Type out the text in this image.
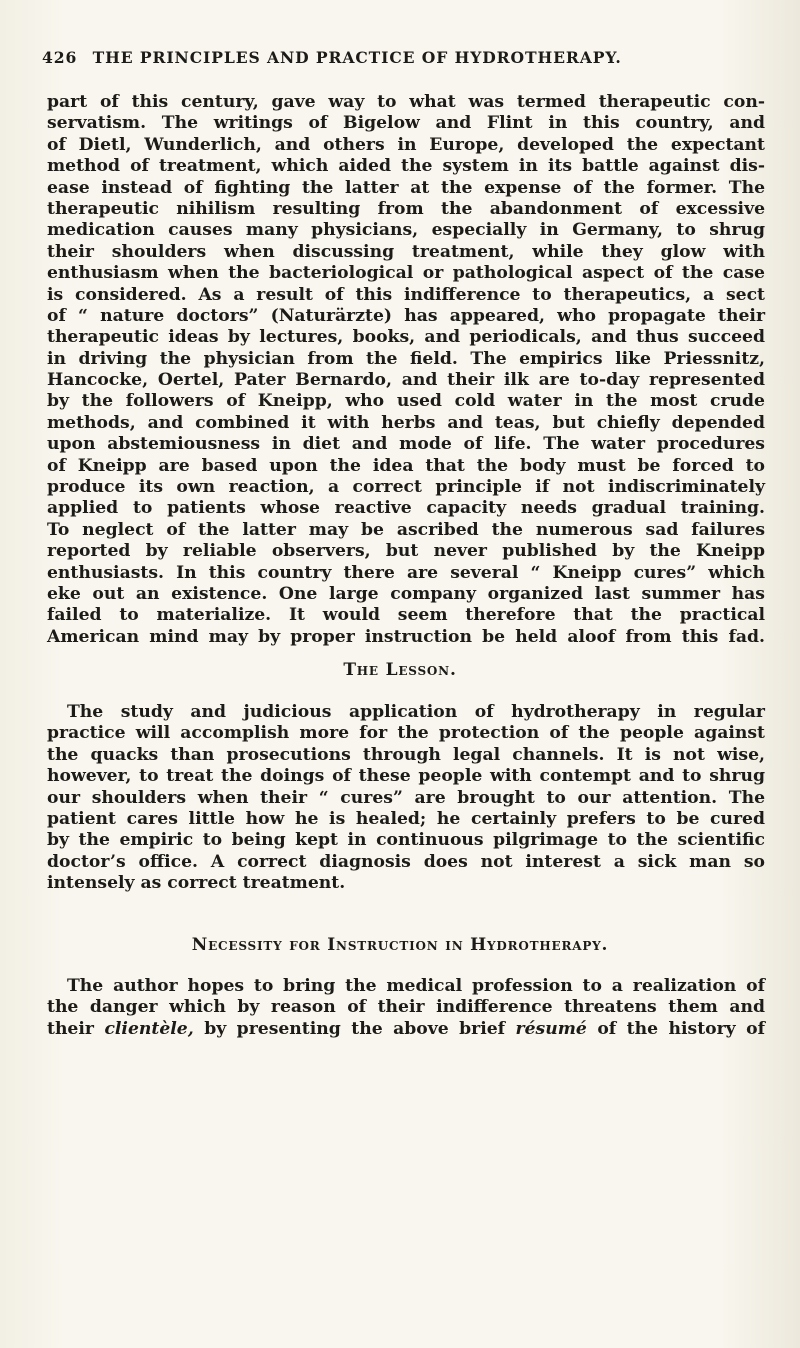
426 THE PRINCIPLES AND PRACTICE OF HYDROTHERAPY.
part of this century, gave way to what was termed therapeutic con-
servatism. The writings of Bigelow and Flint in this country, and
of Dietl, Wunderlich, and others in Europe, developed the expectant
method of treatment, which aided the system in its battle against dis-
ease instead of fighting the latter at the expense of the former. The
therapeutic nihilism resulting from the abandonment of excessive
medication causes many physicians, especially in Germany, to shrug
their shoulders when discussing treatment, while they glow with
enthusiasm when the bacteriological or pathological aspect of the case
is considered. As a result of this indifference to therapeutics, a sect
of “ nature doctors” (Naturärzte) has appeared, who propagate their
therapeutic ideas by lectures, books, and periodicals, and thus succeed
in driving the physician from the field. The empirics like Priessnitz,
Hancocke, Oertel, Pater Bernardo, and their ilk are to-day represented
by the followers of Kneipp, who used cold water in the most crude
methods, and combined it with herbs and teas, but chiefly depended
upon abstemiousness in diet and mode of life. The water procedures
of Kneipp are based upon the idea that the body must be forced to
produce its own reaction, a correct principle if not indiscriminately
applied to patients whose reactive capacity needs gradual training.
To neglect of the latter may be ascribed the numerous sad failures
reported by reliable observers, but never published by the Kneipp
enthusiasts. In this country there are several “ Kneipp cures” which
eke out an existence. One large company organized last summer has
failed to materialize. It would seem therefore that the practical
American mind may by proper instruction be held aloof from this fad.
The Lesson.
The study and judicious application of hydrotherapy in regular
practice will accomplish more for the protection of the people against
the quacks than prosecutions through legal channels. It is not wise,
however, to treat the doings of these people with contempt and to shrug
our shoulders when their “ cures” are brought to our attention. The
patient cares little how he is healed; he certainly prefers to be cured
by the empiric to being kept in continuous pilgrimage to the scientific
doctor’s office. A correct diagnosis does not interest a sick man so
intensely as correct treatment.
Necessity for Instruction in Hydrotherapy.
The author hopes to bring the medical profession to a realization of
the danger which by reason of their indifference threatens them and
their clientèle, by presenting the above brief résumé of the history of
